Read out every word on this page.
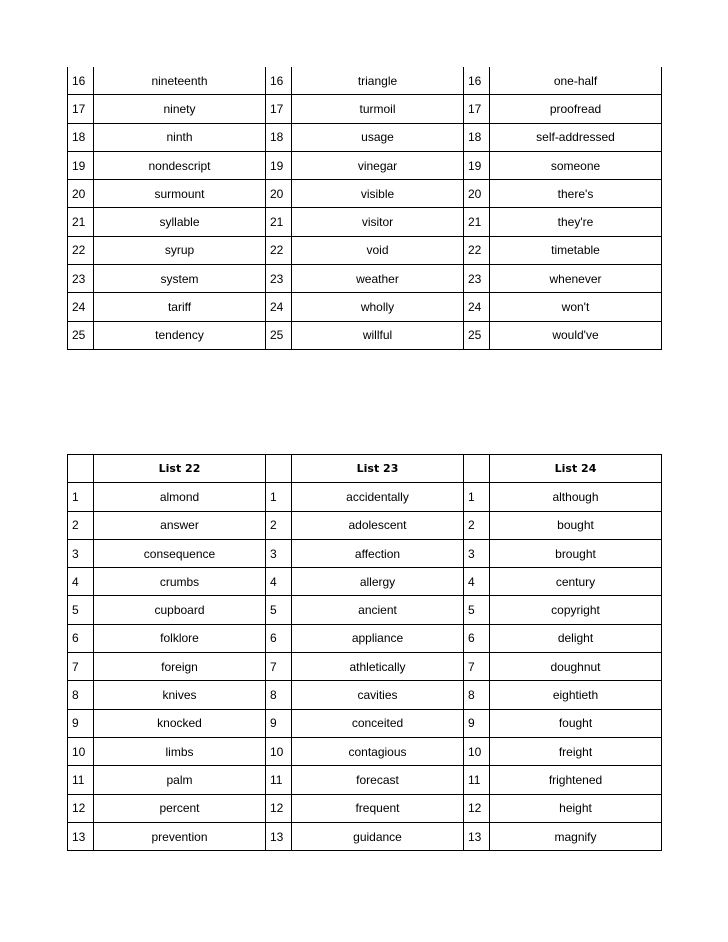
16	nineteenth	16	triangle	16	one-half
17	ninety	17	turmoil	17	proofread
18	ninth	18	usage	18	self-addressed
19	nondescript	19	vinegar	19	someone
20	surmount	20	visible	20	there's
21	syllable	21	visitor	21	they're
22	syrup	22	void	22	timetable
23	system	23	weather	23	whenever
24	tariff	24	wholly	24	won't
25	tendency	25	willful	25	would've
	List 22		List 23		List 24
1	almond	1	accidentally	1	although
2	answer	2	adolescent	2	bought
3	consequence	3	affection	3	brought
4	crumbs	4	allergy	4	century
5	cupboard	5	ancient	5	copyright
6	folklore	6	appliance	6	delight
7	foreign	7	athletically	7	doughnut
8	knives	8	cavities	8	eightieth
9	knocked	9	conceited	9	fought
10	limbs	10	contagious	10	freight
11	palm	11	forecast	11	frightened
12	percent	12	frequent	12	height
13	prevention	13	guidance	13	magnify
